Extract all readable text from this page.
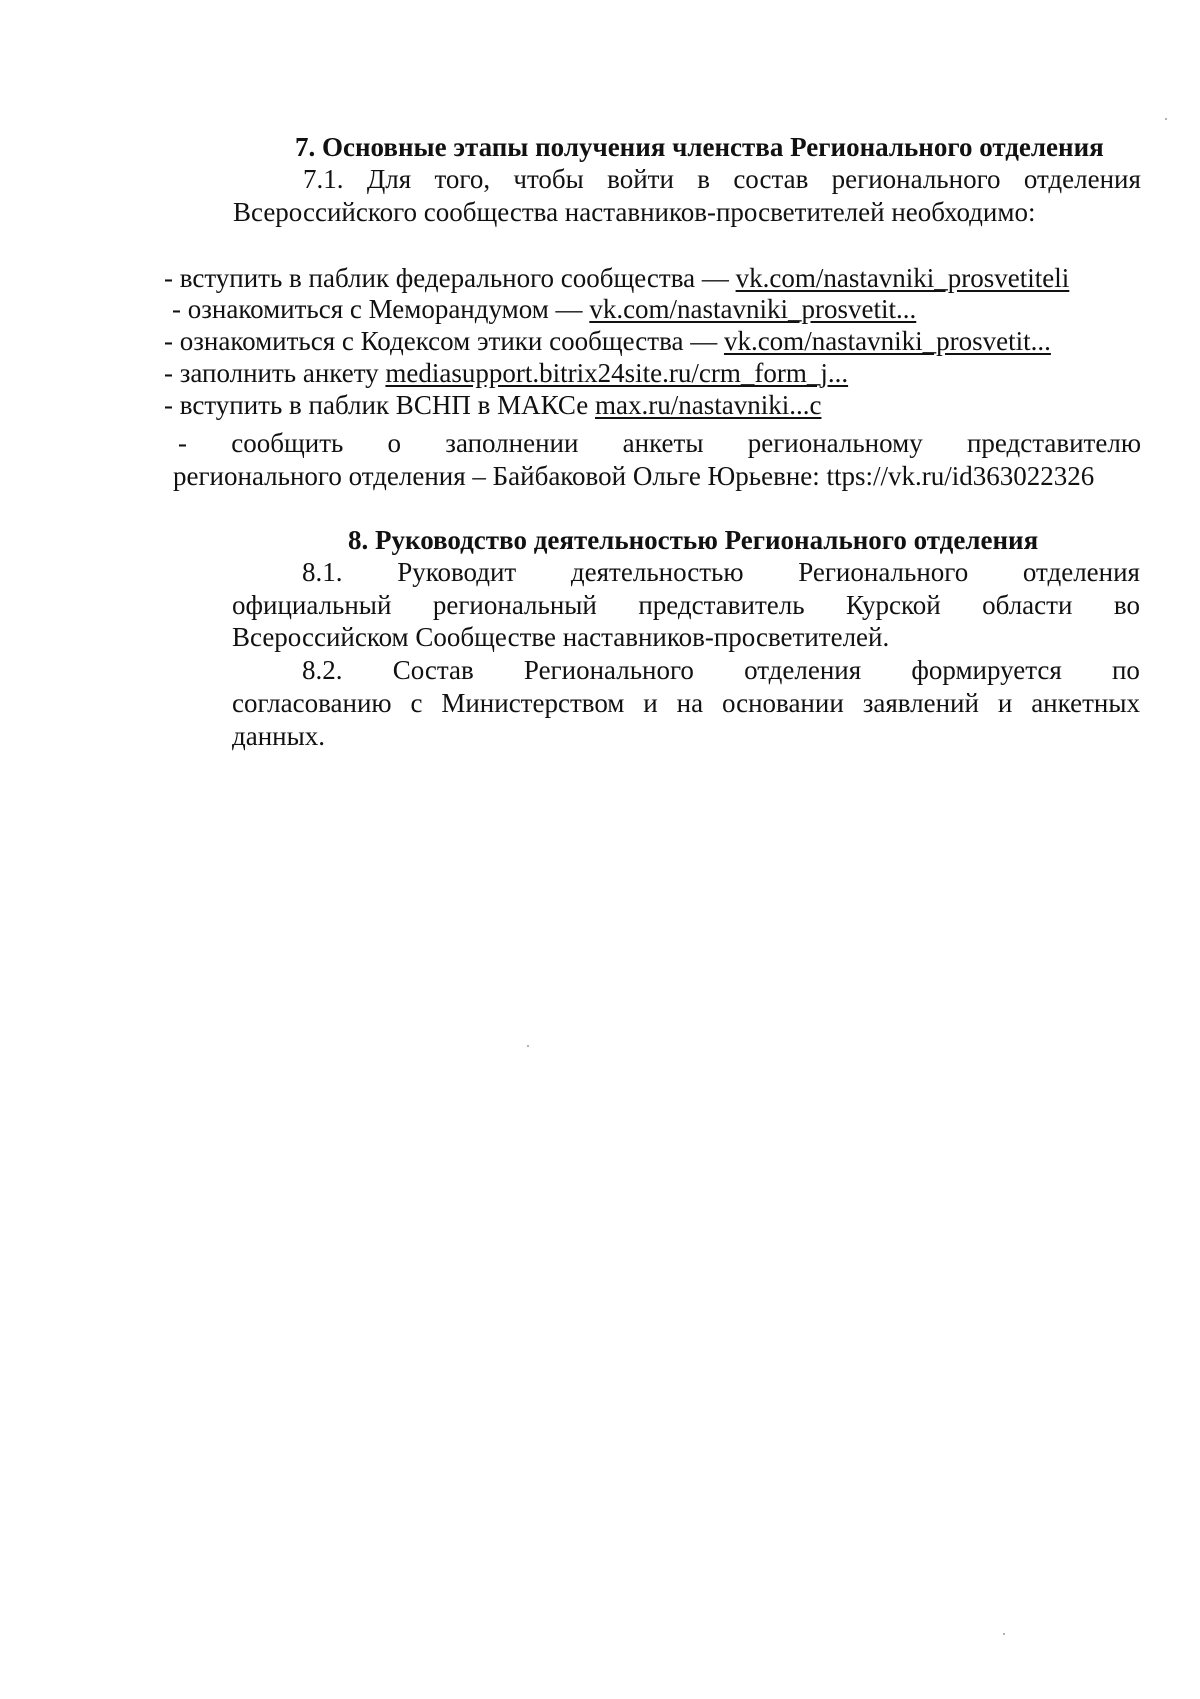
7. Основные этапы получения членства Регионального отделения
7.1. Для того, чтобы войти в состав регионального отделения
Всероссийского сообщества наставников-просветителей необходимо:
- вступить в паблик федерального сообщества — vk.com/nastavniki_prosvetiteli
- ознакомиться с Меморандумом — vk.com/nastavniki_prosvetit...
- ознакомиться с Кодексом этики сообщества — vk.com/nastavniki_prosvetit...
- заполнить анкету mediasupport.bitrix24site.ru/crm_form_j...
- вступить в паблик ВСНП в МАКСе max.ru/nastavniki...c
- сообщить о заполнении анкеты региональному представителю
регионального отделения – Байбаковой Ольге Юрьевне: ttps://vk.ru/id363022326
8. Руководство деятельностью Регионального отделения
8.1. Руководит деятельностью Регионального отделения
официальный региональный представитель Курской области во
Всероссийском Сообществе наставников-просветителей.
8.2. Состав Регионального отделения формируется по
согласованию с Министерством и на основании заявлений и анкетных
данных.
